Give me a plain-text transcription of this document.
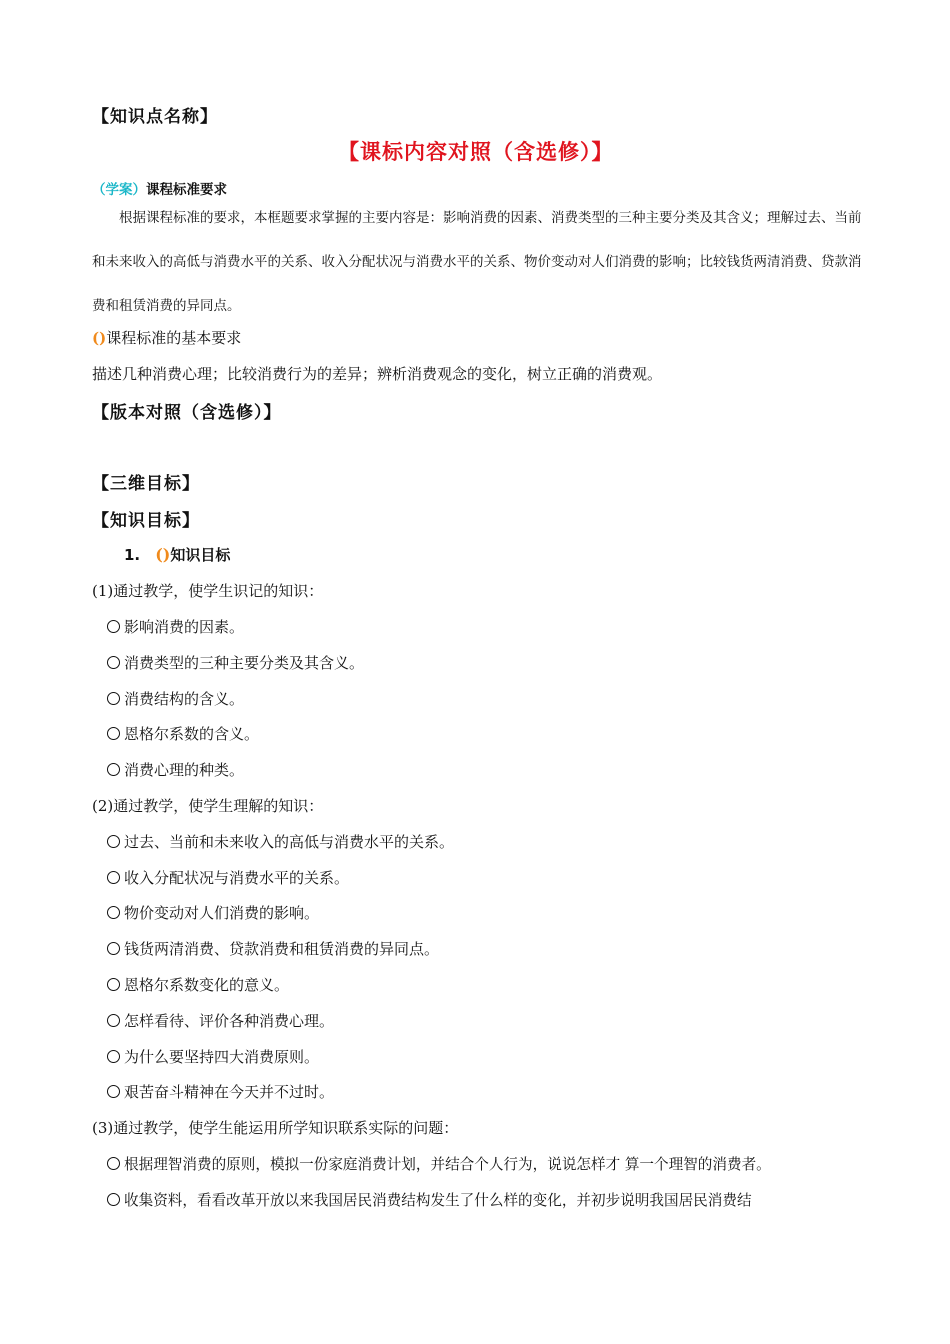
【知识点名称】
【课标内容对照（含选修）】
（学案）课程标准要求
根据课程标准的要求，本框题要求掌握的主要内容是：影响消费的因素、消费类型的三种主要分类及其含义；理解过去、当前和未来收入的高低与消费水平的关系、收入分配状况与消费水平的关系、物价变动对人们消费的影响；比较钱货两清消费、贷款消费和租赁消费的异同点。
()课程标准的基本要求
描述几种消费心理；比较消费行为的差异；辨析消费观念的变化，树立正确的消费观。
【版本对照（含选修）】
【三维目标】
【知识目标】
1. ()知识目标
(1)通过教学，使学生识记的知识：
影响消费的因素。
消费类型的三种主要分类及其含义。
消费结构的含义。
恩格尔系数的含义。
消费心理的种类。
(2)通过教学，使学生理解的知识：
过去、当前和未来收入的高低与消费水平的关系。
收入分配状况与消费水平的关系。
物价变动对人们消费的影响。
钱货两清消费、贷款消费和租赁消费的异同点。
恩格尔系数变化的意义。
怎样看待、评价各种消费心理。
为什么要坚持四大消费原则。
艰苦奋斗精神在今天并不过时。
(3)通过教学，使学生能运用所学知识联系实际的问题：
根据理智消费的原则，模拟一份家庭消费计划，并结合个人行为，说说怎样才 算一个理智的消费者。
收集资料，看看改革开放以来我国居民消费结构发生了什么样的变化，并初步说明我国居民消费结
